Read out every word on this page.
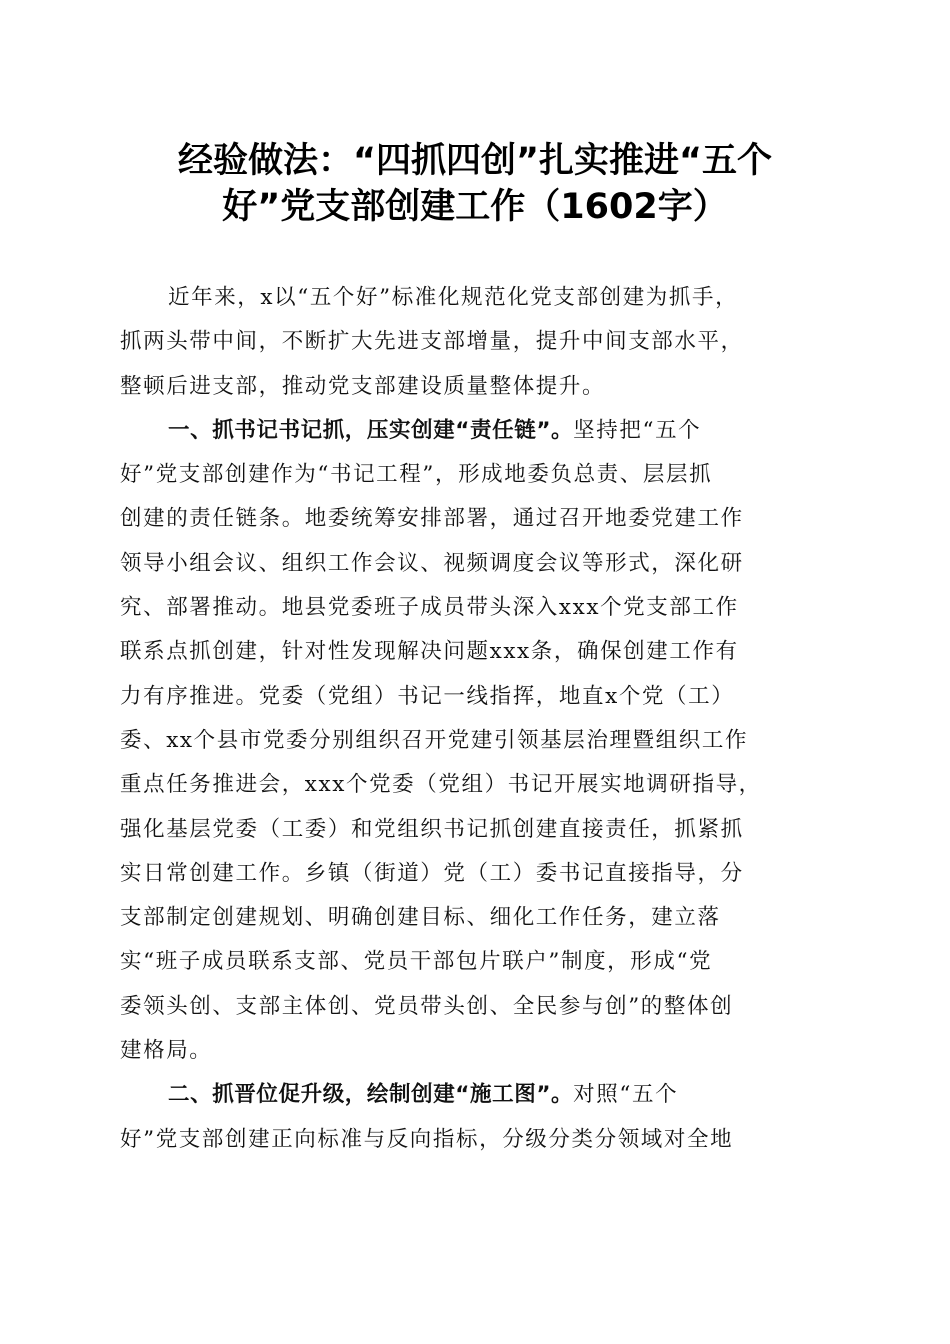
经验做法：“四抓四创”扎实推进“五个
好”党支部创建工作（1602字）
近年来，x以“五个好”标准化规范化党支部创建为抓手，
抓两头带中间，不断扩大先进支部增量，提升中间支部水平，
整顿后进支部，推动党支部建设质量整体提升。
一、抓书记书记抓，压实创建“责任链”。坚持把“五个
好”党支部创建作为“书记工程”，形成地委负总责、层层抓
创建的责任链条。地委统筹安排部署，通过召开地委党建工作
领导小组会议、组织工作会议、视频调度会议等形式，深化研
究、部署推动。地县党委班子成员带头深入xxx个党支部工作
联系点抓创建，针对性发现解决问题xxx条，确保创建工作有
力有序推进。党委（党组）书记一线指挥，地直x个党（工）
委、xx个县市党委分别组织召开党建引领基层治理暨组织工作
重点任务推进会，xxx个党委（党组）书记开展实地调研指导，
强化基层党委（工委）和党组织书记抓创建直接责任，抓紧抓
实日常创建工作。乡镇（街道）党（工）委书记直接指导，分
支部制定创建规划、明确创建目标、细化工作任务，建立落
实“班子成员联系支部、党员干部包片联户”制度，形成“党
委领头创、支部主体创、党员带头创、全民参与创”的整体创
建格局。
二、抓晋位促升级，绘制创建“施工图”。对照“五个
好”党支部创建正向标准与反向指标，分级分类分领域对全地
